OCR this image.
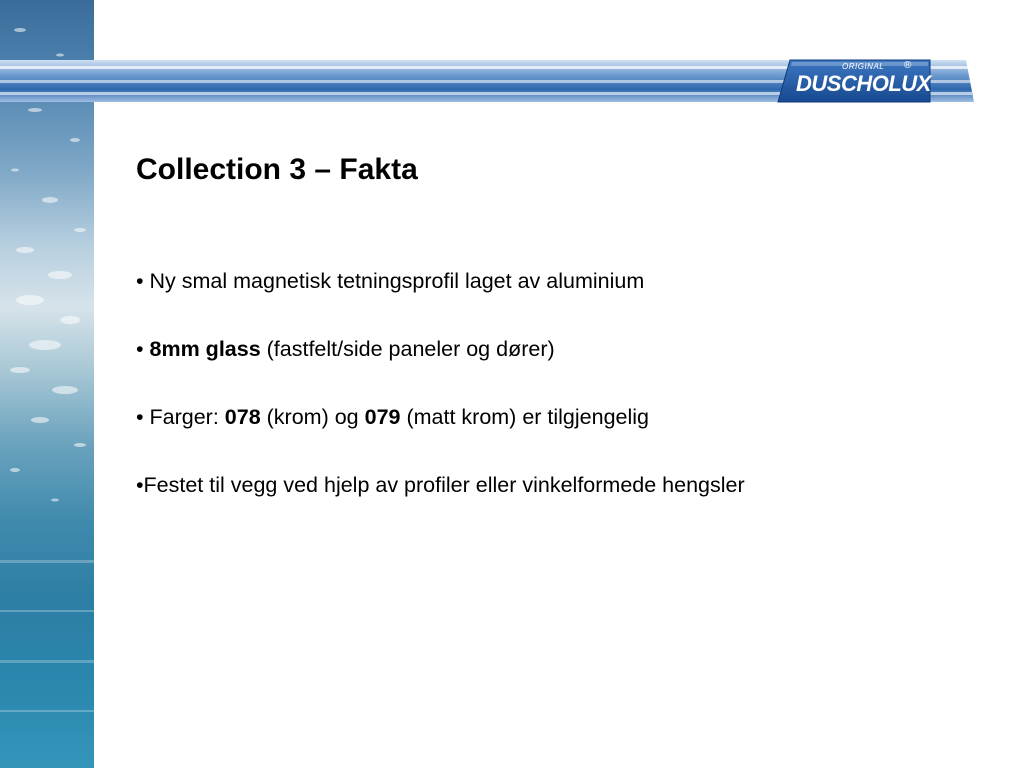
ORIGINAL
DUSCHOLUX
®
Collection 3 – Fakta
• Ny smal magnetisk tetningsprofil laget av aluminium
• 8mm glass (fastfelt/side paneler og dører)
• Farger: 078 (krom) og 079 (matt krom) er tilgjengelig
•Festet til vegg ved hjelp av profiler eller vinkelformede hengsler
